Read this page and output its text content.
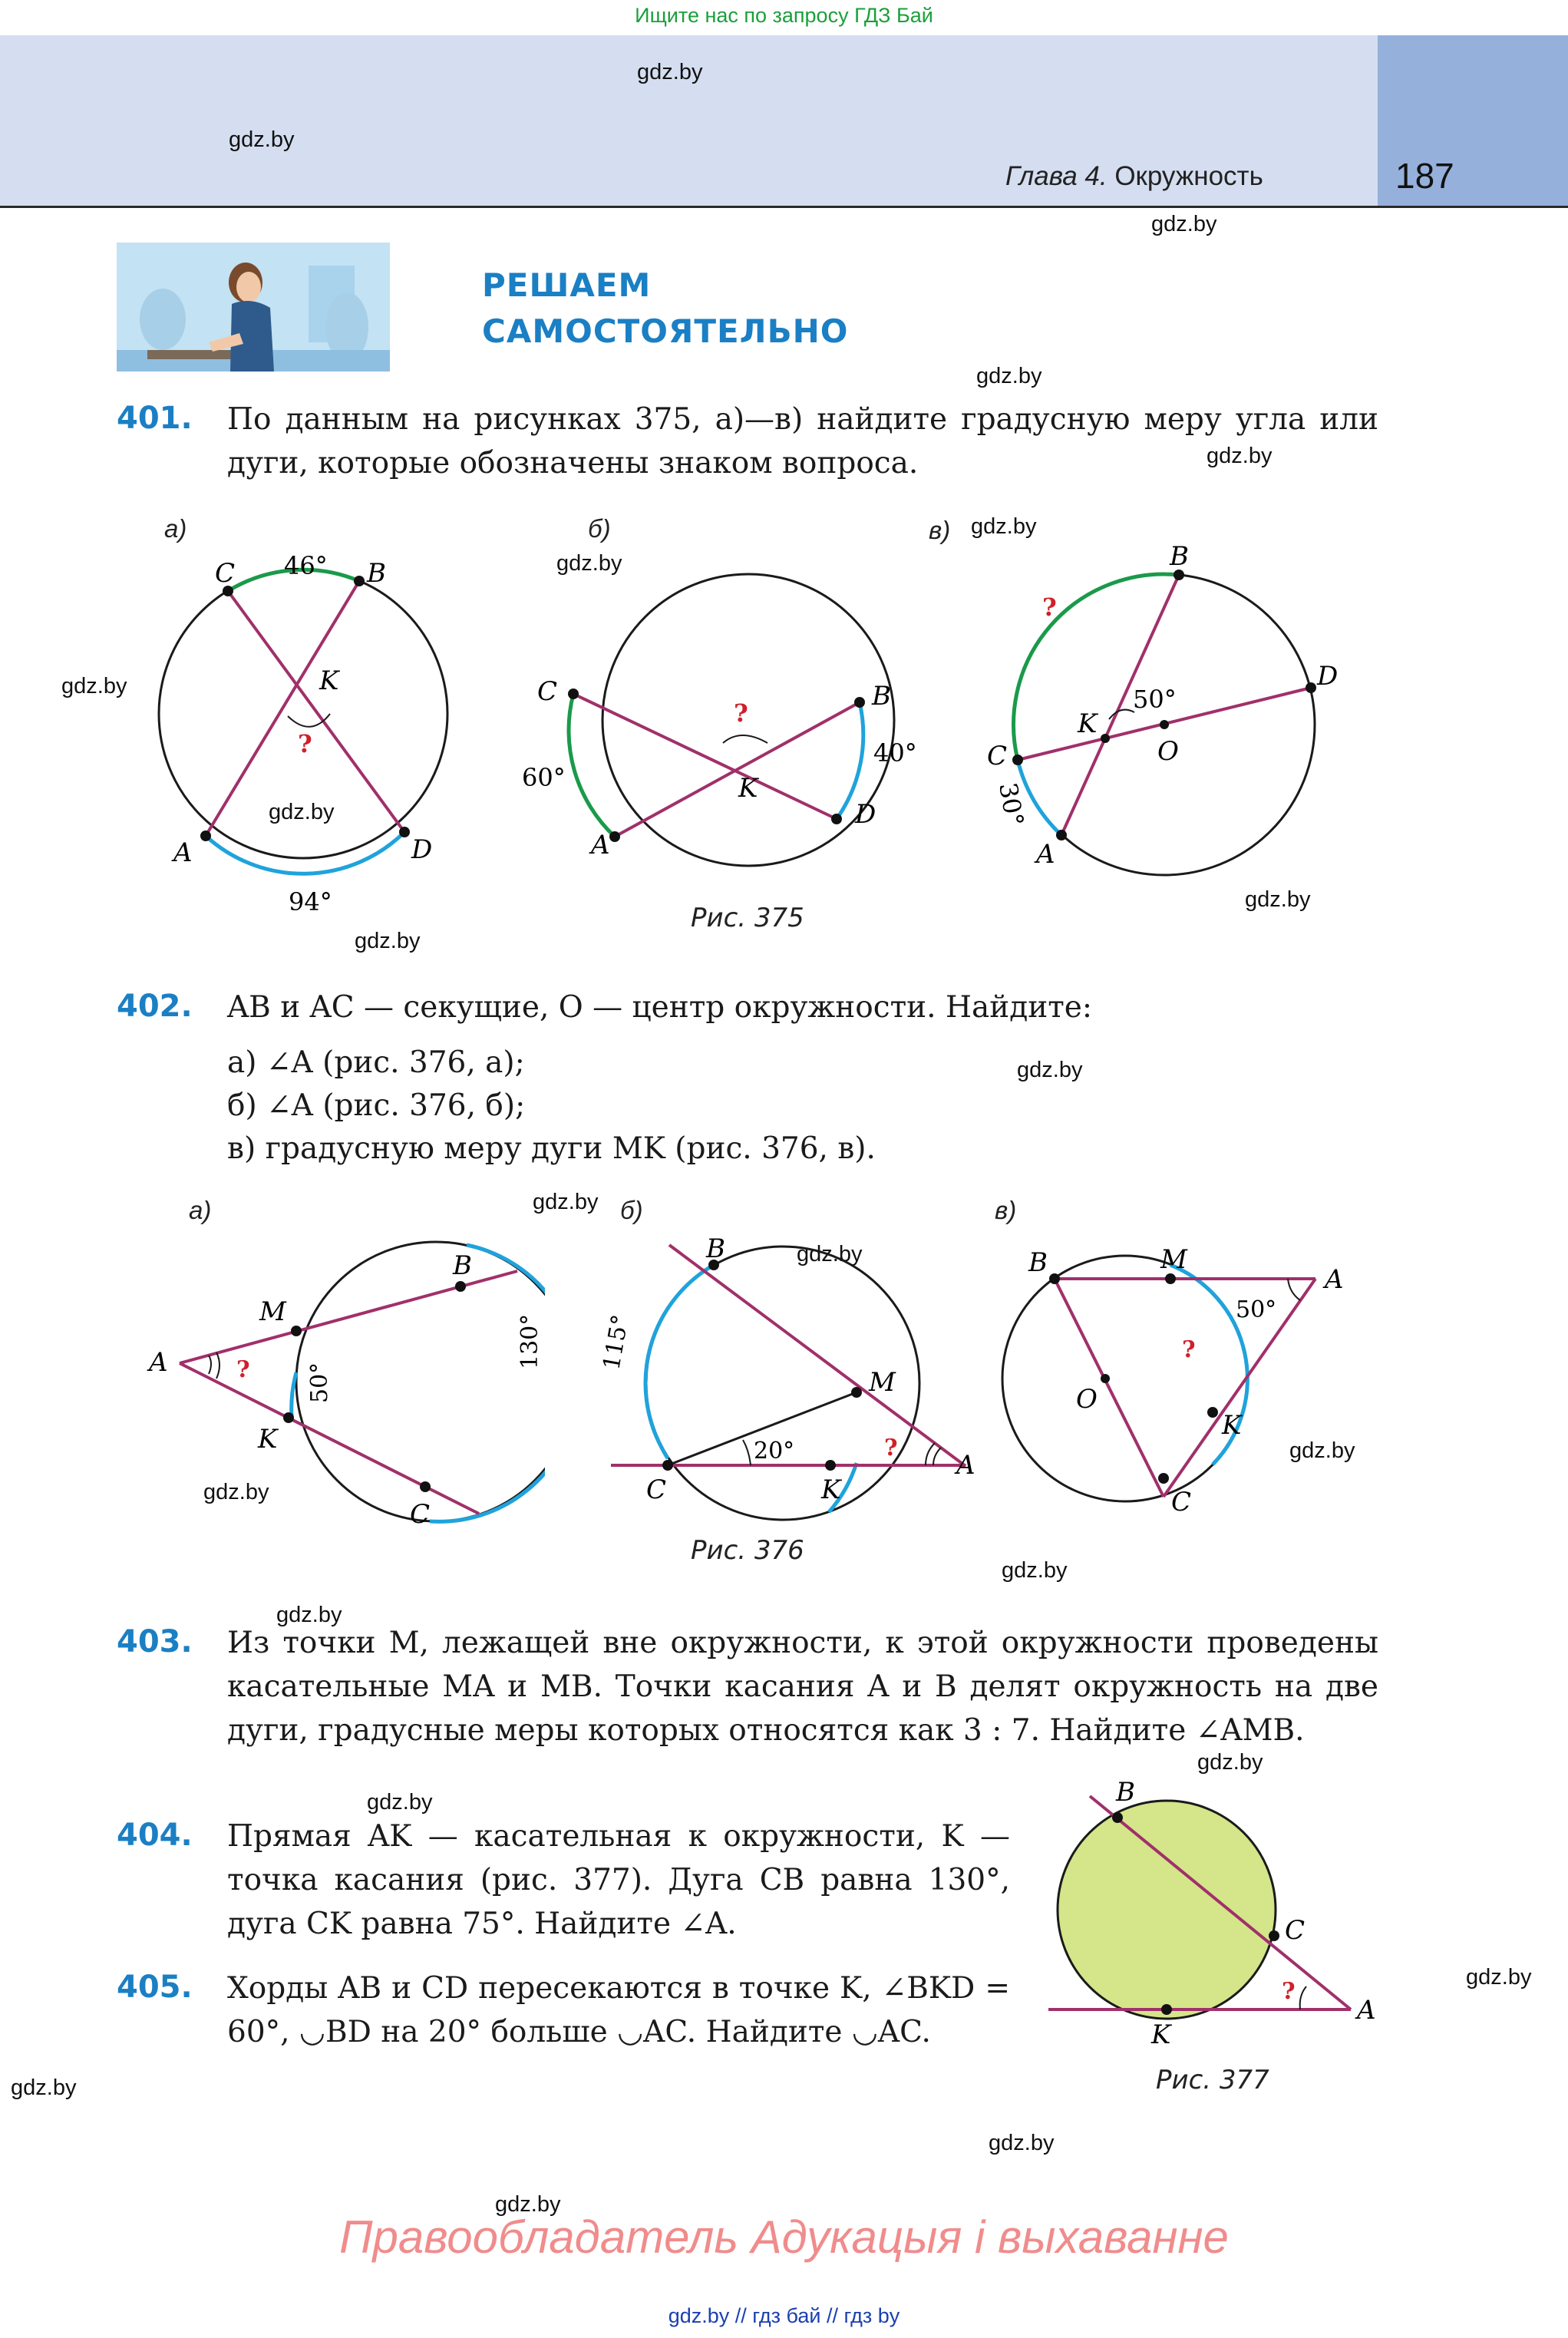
Ищите нас по запросу ГДЗ Бай
Глава 4. Окружность	187
gdz.by
gdz.by
gdz.by
gdz.by
gdz.by
gdz.by
gdz.by
gdz.by
gdz.by
gdz.by
gdz.by
gdz.by
gdz.by
gdz.by
gdz.by
gdz.by
gdz.by
gdz.by
gdz.by
gdz.by
gdz.by
gdz.by
gdz.by
gdz.by
РЕШАЕМ
САМОСТОЯТЕЛЬНО
401. По данным на рисунках 375, а)—в) найдите градусную меру угла или дуги, которые обозначены знаком вопроса.
а)
C	B
K
A	D
46°
94°
?
б)
C	B
K
A
D
60°
40°
?
в)
B
D
K
O
C
A
50°
30°
?
Рис. 375
402. AB и AC — секущие, O — центр окружности. Найдите:
а) ∠A (рис. 376, а);
б) ∠A (рис. 376, б);
в) градусную меру дуги MK (рис. 376, в).
а)
A
M
B
K
C
50°
130°
?
б)
B
M
C	K
A
115°
20°	?
в)
B	M
A
O
K
C
50°
?
Рис. 376
403. Из точки M, лежащей вне окружности, к этой окружности проведены касательные MA и MB. Точки касания A и B делят окружность на две дуги, градусные меры которых относятся как 3 : 7. Найдите ∠AMB.
404. Прямая AK — касательная к окружности, K — точка касания (рис. 377). Дуга CB равна 130°, дуга CK равна 75°. Найдите ∠A.
405. Хорды AB и CD пересекаются в точке K, ∠BKD = 60°, ◡BD на 20° больше ◡AC. Найдите ◡AC.
B
C
K
A
?
Рис. 377
Правообладатель Адукацыя і выхаванне
gdz.by // гдз бай // гдз by
